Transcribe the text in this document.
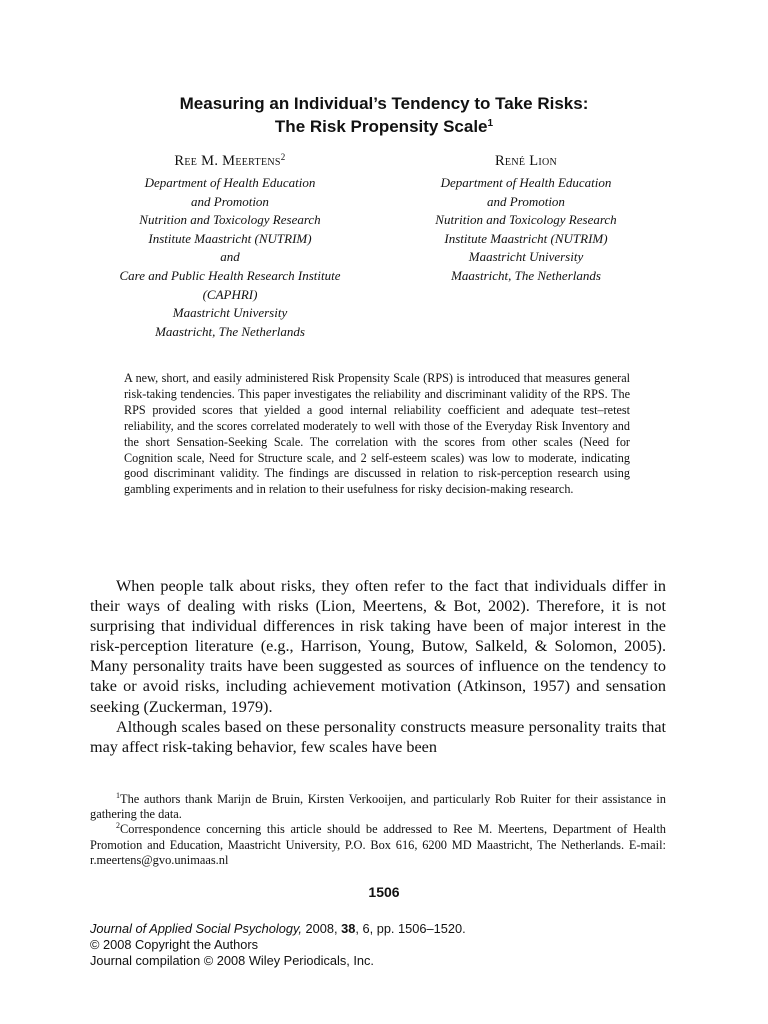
Measuring an Individual’s Tendency to Take Risks:
The Risk Propensity Scale$^1$
Ree M. Meertens$^2$	René Lion
Department of Health Education
and Promotion
Nutrition and Toxicology Research
Institute Maastricht (NUTRIM)
and
Care and Public Health Research Institute
(CAPHRI)
Maastricht University
Maastricht, The Netherlands
Department of Health Education
and Promotion
Nutrition and Toxicology Research
Institute Maastricht (NUTRIM)
Maastricht University
Maastricht, The Netherlands
A new, short, and easily administered Risk Propensity Scale (RPS) is introduced that measures general risk-taking tendencies. This paper investigates the reliability and discriminant validity of the RPS. The RPS provided scores that yielded a good internal reliability coefficient and adequate test–retest reliability, and the scores correlated moderately to well with those of the Everyday Risk Inventory and the short Sensation-Seeking Scale. The correlation with the scores from other scales (Need for Cognition scale, Need for Structure scale, and 2 self-esteem scales) was low to moderate, indicating good discriminant validity. The findings are discussed in relation to risk-perception research using gambling experiments and in relation to their usefulness for risky decision-making research.

When people talk about risks, they often refer to the fact that individuals differ in their ways of dealing with risks (Lion, Meertens, & Bot, 2002). Therefore, it is not surprising that individual differences in risk taking have been of major interest in the risk-perception literature (e.g., Harrison, Young, Butow, Salkeld, & Solomon, 2005). Many personality traits have been suggested as sources of influence on the tendency to take or avoid risks, including achievement motivation (Atkinson, 1957) and sensation seeking (Zuckerman, 1979).

Although scales based on these personality constructs measure personality traits that may affect risk-taking behavior, few scales have been

$^1$The authors thank Marijn de Bruin, Kirsten Verkooijen, and particularly Rob Ruiter for their assistance in gathering the data.

$^2$Correspondence concerning this article should be addressed to Ree M. Meertens, Department of Health Promotion and Education, Maastricht University, P.O. Box 616, 6200 MD Maastricht, The Netherlands. E-mail: r.meertens@gvo.unimaas.nl

1506
Journal of Applied Social Psychology, 2008, 38, 6, pp. 1506–1520.
© 2008 Copyright the Authors
Journal compilation © 2008 Wiley Periodicals, Inc.
